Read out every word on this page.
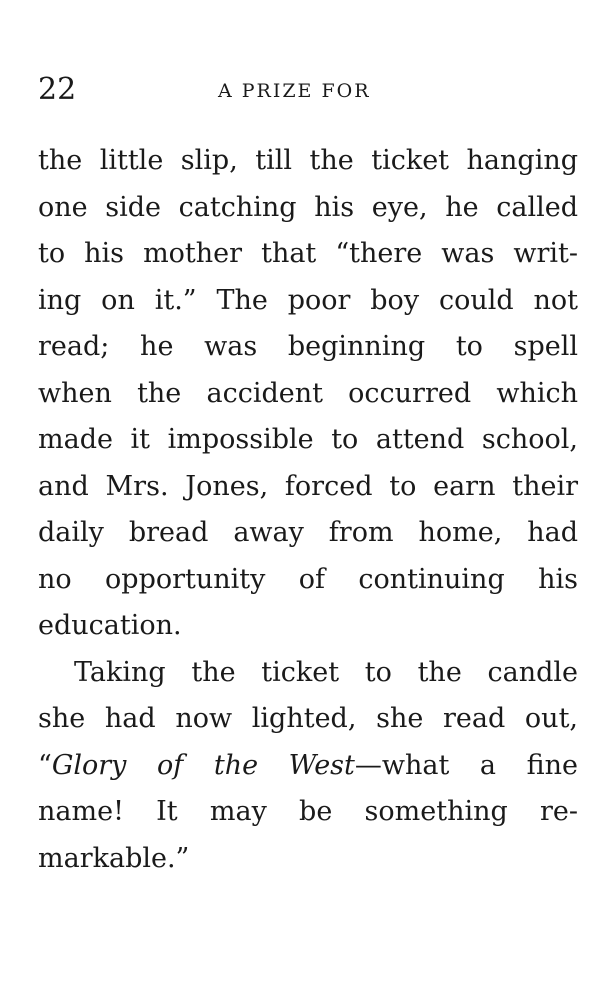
22	A PRIZE FOR
the little slip, till the ticket hanging
one side catching his eye, he called
to his mother that “there was writ-
ing on it.” The poor boy could not
read; he was beginning to spell
when the accident occurred which
made it impossible to attend school,
and Mrs. Jones, forced to earn their
daily bread away from home, had
no opportunity of continuing his
education.
Taking the ticket to the candle
she had now lighted, she read out,
“Glory of the West—what a fine
name! It may be something re-
markable.”
